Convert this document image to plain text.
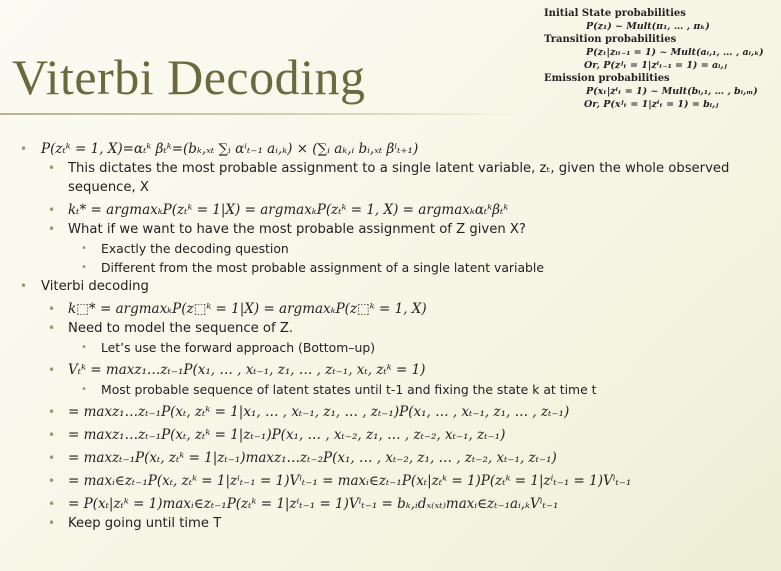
Viterbi Decoding
Initial State probabilities
P(z₁) ~ Mult(π₁, … , πₖ)
Transition probabilities
P(zₜ|zᵢₜ₋₁ = 1) ~ Mult(aᵢ,₁, … , aᵢ,ₖ)
Or, P(zʲₜ = 1|zⁱₜ₋₁ = 1) = aᵢ,ⱼ
Emission probabilities
P(xₜ|zⁱₜ = 1) ~ Mult(bᵢ,₁, … , bᵢ,ₘ)
Or, P(xʲₜ = 1|zⁱₜ = 1) = bᵢ,ⱼ
• P(zₜᵏ = 1, X)=αₜᵏ βₜᵏ=(bₖ,ₓₜ ∑ᵢ αⁱₜ₋₁ aᵢ,ₖ) × (∑ᵢ aₖ,ᵢ bᵢ,ₓₜ βⁱₜ₊₁)
• This dictates the most probable assignment to a single latent variable, zₜ, given the whole observed sequence, X
• kₜ* = argmaxₖP(zₜᵏ = 1|X) = argmaxₖP(zₜᵏ = 1, X) = argmaxₖαₜᵏβₜᵏ
• What if we want to have the most probable assignment of Z given X?
• Exactly the decoding question
• Different from the most probable assignment of a single latent variable
• Viterbi decoding
• k⬚* = argmaxₖP(z⬚ᵏ = 1|X) = argmaxₖP(z⬚ᵏ = 1, X)
• Need to model the sequence of Z.
• Let’s use the forward approach (Bottom–up)
• Vₜᵏ = maxz₁…zₜ₋₁P(x₁, … , xₜ₋₁, z₁, … , zₜ₋₁, xₜ, zₜᵏ = 1)
• Most probable sequence of latent states until t-1 and fixing the state k at time t
• = maxz₁…zₜ₋₁P(xₜ, zₜᵏ = 1|x₁, … , xₜ₋₁, z₁, … , zₜ₋₁)P(x₁, … , xₜ₋₁, z₁, … , zₜ₋₁)
• = maxz₁…zₜ₋₁P(xₜ, zₜᵏ = 1|zₜ₋₁)P(x₁, … , xₜ₋₂, z₁, … , zₜ₋₂, xₜ₋₁, zₜ₋₁)
• = maxzₜ₋₁P(xₜ, zₜᵏ = 1|zₜ₋₁)maxz₁…zₜ₋₂P(x₁, … , xₜ₋₂, z₁, … , zₜ₋₂, xₜ₋₁, zₜ₋₁)
• = maxᵢ∈zₜ₋₁P(xₜ, zₜᵏ = 1|zⁱₜ₋₁ = 1)Vⁱₜ₋₁ = maxᵢ∈zₜ₋₁P(xₜ|zₜᵏ = 1)P(zₜᵏ = 1|zⁱₜ₋₁ = 1)Vⁱₜ₋₁
• = P(xₜ|zₜᵏ = 1)maxᵢ∈zₜ₋₁P(zₜᵏ = 1|zⁱₜ₋₁ = 1)Vⁱₜ₋₁ = bₖ,ᵢdₓ₍ₓₜ₎maxᵢ∈zₜ₋₁aᵢ,ₖVⁱₜ₋₁
• Keep going until time T
